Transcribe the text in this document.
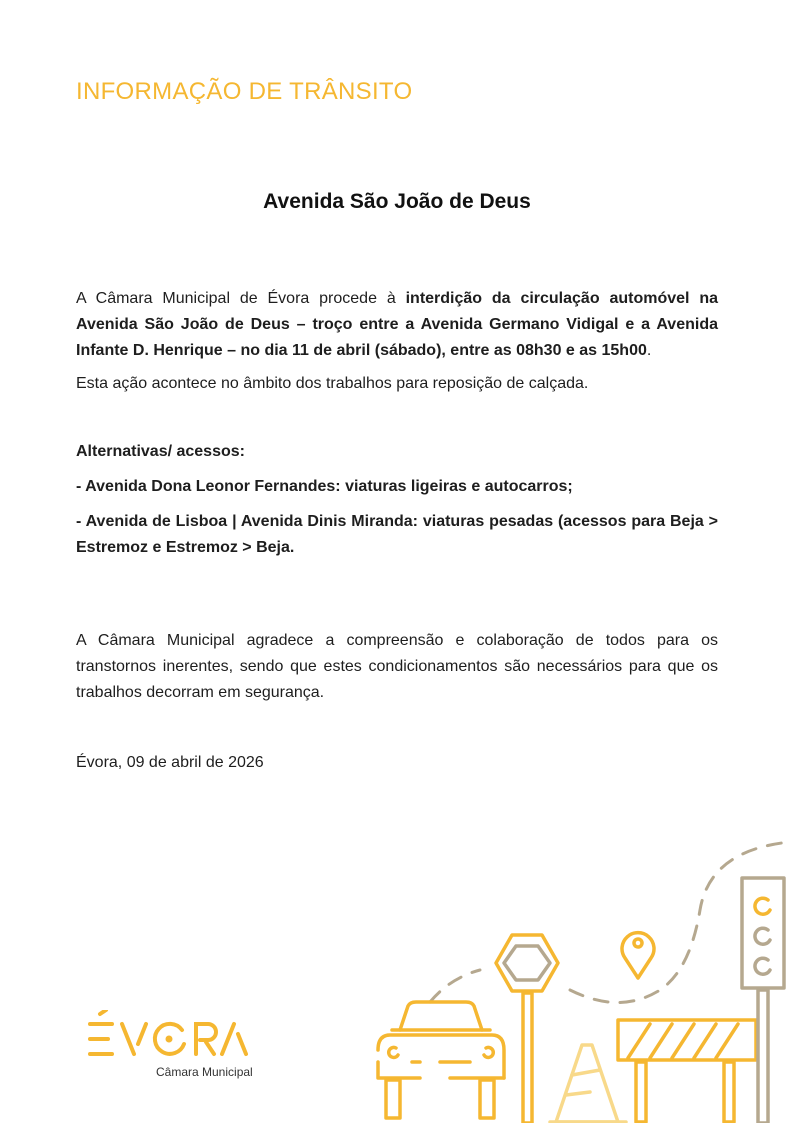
INFORMAÇÃO DE TRÂNSITO
Avenida São João de Deus
A Câmara Municipal de Évora procede à interdição da circulação automóvel na Avenida São João de Deus – troço entre a Avenida Germano Vidigal e a Avenida Infante D. Henrique – no dia 11 de abril (sábado), entre as 08h30 e as 15h00.
Esta ação acontece no âmbito dos trabalhos para reposição de calçada.
Alternativas/ acessos:
- Avenida Dona Leonor Fernandes: viaturas ligeiras e autocarros;
- Avenida de Lisboa | Avenida Dinis Miranda: viaturas pesadas (acessos para Beja > Estremoz e Estremoz > Beja.
A Câmara Municipal agradece a compreensão e colaboração de todos para os transtornos inerentes, sendo que estes condicionamentos são necessários para que os trabalhos decorram em segurança.
Évora, 09 de abril de 2026
Câmara Municipal
